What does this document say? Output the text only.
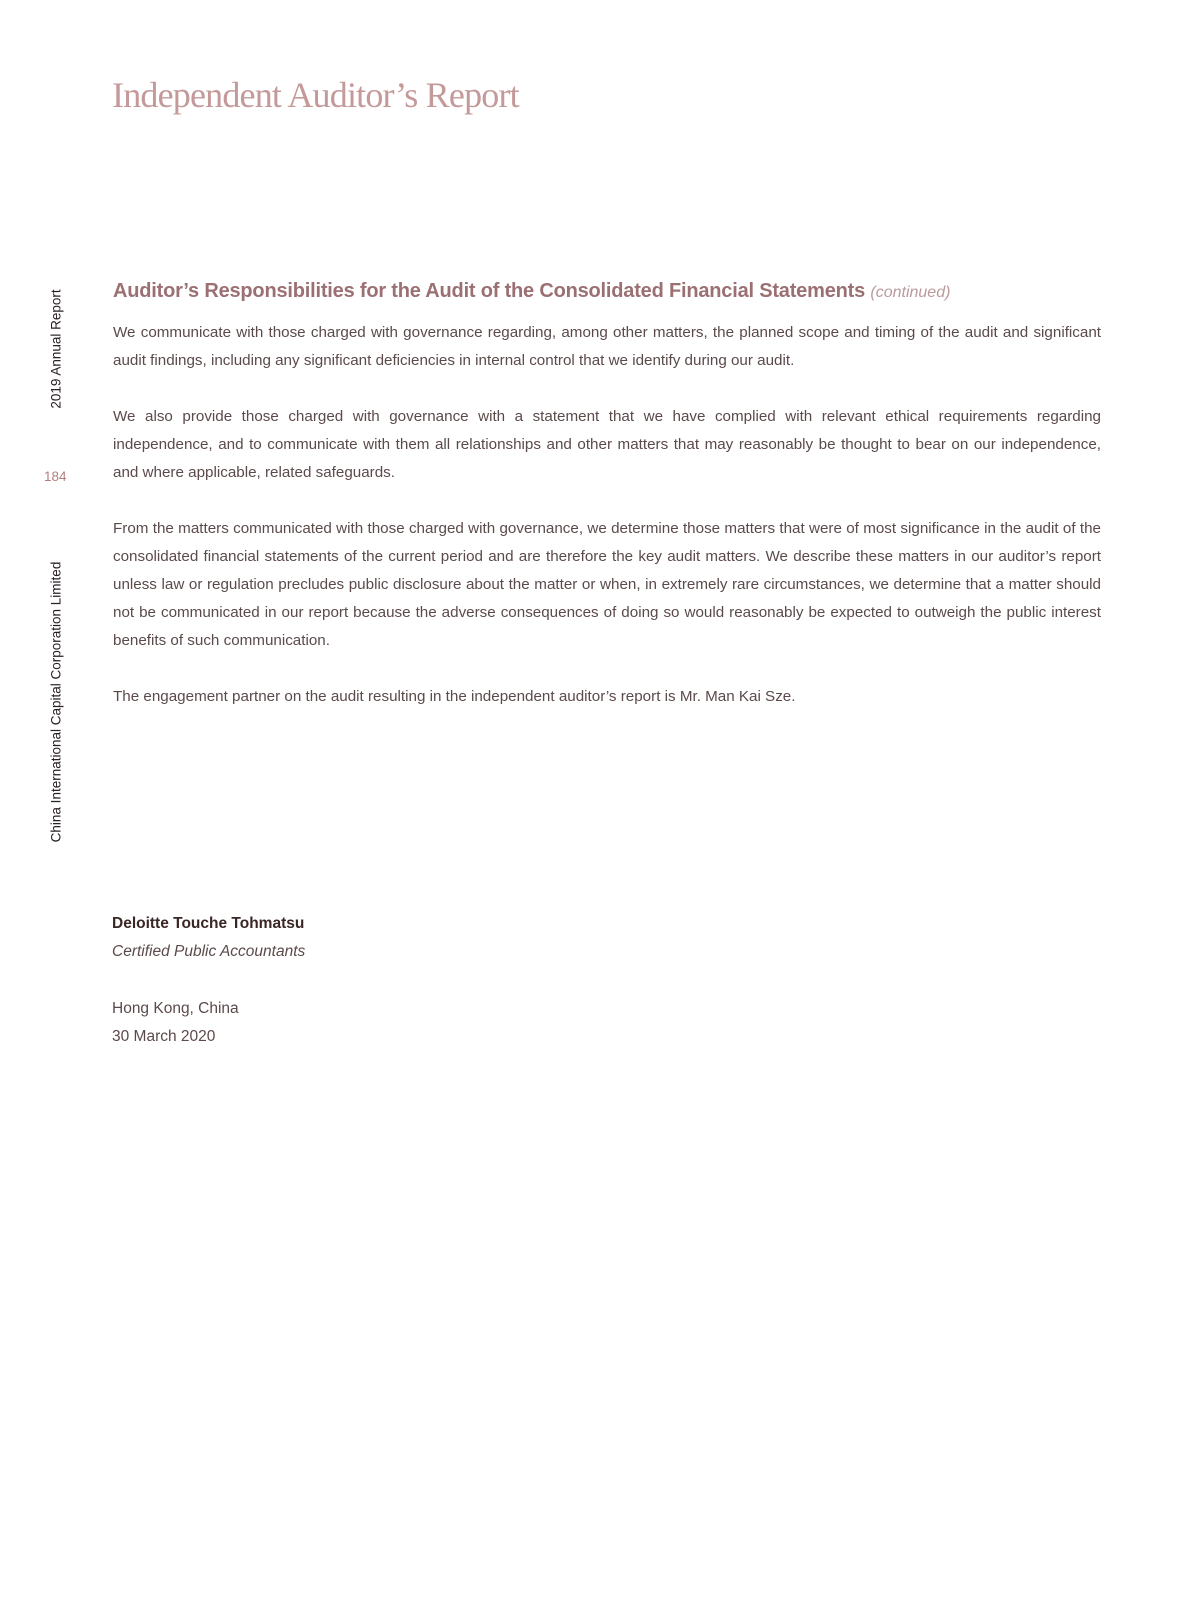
Independent Auditor’s Report
2019 Annual Report
184
China International Capital Corporation Limited
Auditor’s Responsibilities for the Audit of the Consolidated Financial Statements (continued)

We communicate with those charged with governance regarding, among other matters, the planned scope and timing of the audit and significant audit findings, including any significant deficiencies in internal control that we identify during our audit.

We also provide those charged with governance with a statement that we have complied with relevant ethical requirements regarding independence, and to communicate with them all relationships and other matters that may reasonably be thought to bear on our independence, and where applicable, related safeguards.

From the matters communicated with those charged with governance, we determine those matters that were of most significance in the audit of the consolidated financial statements of the current period and are therefore the key audit matters. We describe these matters in our auditor’s report unless law or regulation precludes public disclosure about the matter or when, in extremely rare circumstances, we determine that a matter should not be communicated in our report because the adverse consequences of doing so would reasonably be expected to outweigh the public interest benefits of such communication.

The engagement partner on the audit resulting in the independent auditor’s report is Mr. Man Kai Sze.

Deloitte Touche Tohmatsu
Certified Public Accountants
Hong Kong, China
30 March 2020
